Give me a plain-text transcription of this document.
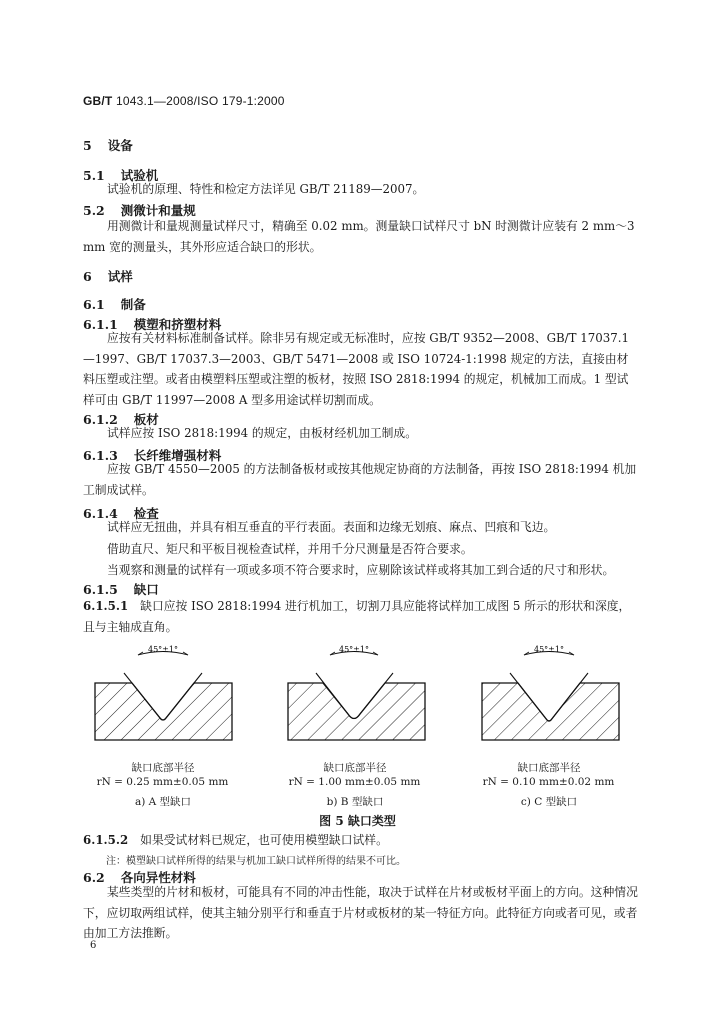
GB/T 1043.1—2008/ISO 179-1:2000
5 设备
5.1 试验机
试验机的原理、特性和检定方法详见 GB/T 21189—2007。
5.2 测微计和量规
用测微计和量规测量试样尺寸，精确至 0.02 mm。测量缺口试样尺寸 bN 时测微计应装有 2 mm～3 mm 宽的测量头，其外形应适合缺口的形状。
6 试样
6.1 制备
6.1.1 模塑和挤塑材料
应按有关材料标准制备试样。除非另有规定或无标准时，应按 GB/T 9352—2008、GB/T 17037.1—1997、GB/T 17037.3—2003、GB/T 5471—2008 或 ISO 10724-1:1998 规定的方法，直接由材料压塑或注塑。或者由模塑料压塑或注塑的板材，按照 ISO 2818:1994 的规定，机械加工而成。1 型试样可由 GB/T 11997—2008 A 型多用途试样切割而成。
6.1.2 板材
试样应按 ISO 2818:1994 的规定，由板材经机加工制成。
6.1.3 长纤维增强材料
应按 GB/T 4550—2005 的方法制备板材或按其他规定协商的方法制备，再按 ISO 2818:1994 机加工制成试样。
6.1.4 检查
试样应无扭曲，并具有相互垂直的平行表面。表面和边缘无划痕、麻点、凹痕和飞边。
借助直尺、矩尺和平板目视检查试样，并用千分尺测量是否符合要求。
当观察和测量的试样有一项或多项不符合要求时，应剔除该试样或将其加工到合适的尺寸和形状。
6.1.5 缺口
6.1.5.1 缺口应按 ISO 2818:1994 进行机加工，切割刀具应能将试样加工成图 5 所示的形状和深度，且与主轴成直角。
45°±1°	45°±1°	45°±1°
缺口底部半径
rN = 0.25 mm±0.05 mm
a) A 型缺口
缺口底部半径
rN = 1.00 mm±0.05 mm
b) B 型缺口
缺口底部半径
rN = 0.10 mm±0.02 mm
c) C 型缺口
图 5 缺口类型
6.1.5.2 如果受试材料已规定，也可使用模塑缺口试样。
注：模塑缺口试样所得的结果与机加工缺口试样所得的结果不可比。
6.2 各向异性材料
某些类型的片材和板材，可能具有不同的冲击性能，取决于试样在片材或板材平面上的方向。这种情况下，应切取两组试样，使其主轴分别平行和垂直于片材或板材的某一特征方向。此特征方向或者可见，或者由加工方法推断。
6
